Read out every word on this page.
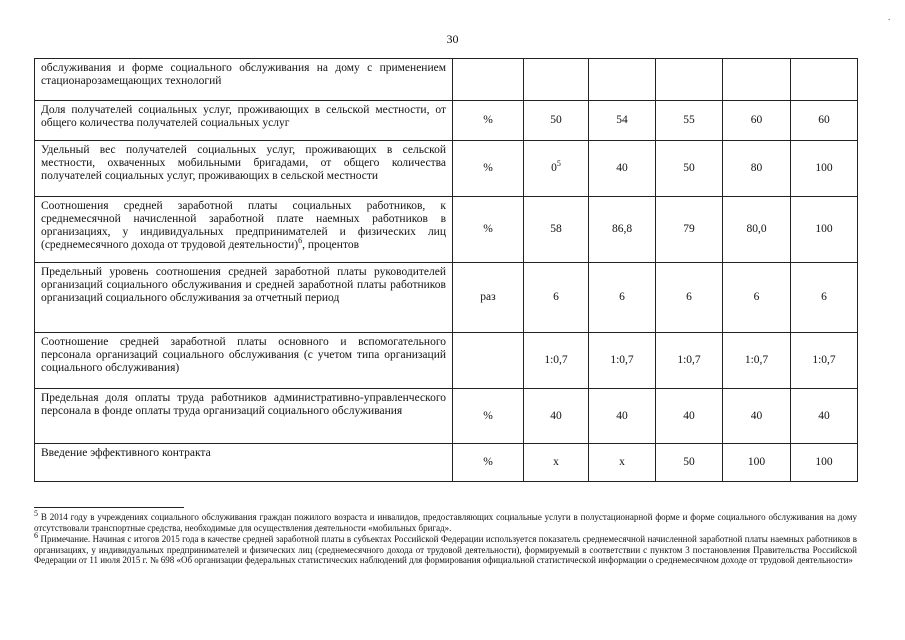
30
·
обслуживания и форме социального обслуживания на дому с применением стационарозамещающих технологий						
Доля получателей социальных услуг, проживающих в сельской местности, от общего количества получателей социальных услуг	%	50	54	55	60	60
Удельный вес получателей социальных услуг, проживающих в сельской местности, охваченных мобильными бригадами, от общего количества получателей социальных услуг, проживающих в сельской местности	%	$0^5$	40	50	80	100
Соотношения средней заработной платы социальных работников, к среднемесячной начисленной заработной плате наемных работников в организациях, у индивидуальных предпринимателей и физических лиц (среднемесячного дохода от трудовой деятельности)$^6$, процентов	%	58	86,8	79	80,0	100
Предельный уровень соотношения средней заработной платы руководителей организаций социального обслуживания и средней заработной платы работников организаций социального обслуживания за отчетный период	раз	6	6	6	6	6
Соотношение средней заработной платы основного и вспомогательного персонала организаций социального обслуживания (с учетом типа организаций социального обслуживания)		1:0,7	1:0,7	1:0,7	1:0,7	1:0,7
Предельная доля оплаты труда работников административно-управленческого персонала в фонде оплаты труда организаций социального обслуживания	%	40	40	40	40	40
Введение эффективного контракта	%	х	х	50	100	100

$^5$ В 2014 году в учреждениях социального обслуживания граждан пожилого возраста и инвалидов, предоставляющих социальные услуги в полустационарной форме и форме социального обслуживания на дому отсутствовали транспортные средства, необходимые для осуществления деятельности «мобильных бригад».

$^6$ Примечание. Начиная с итогов 2015 года в качестве средней заработной платы в субъектах Российской Федерации используется показатель среднемесячной начисленной заработной платы наемных работников в организациях, у индивидуальных предпринимателей и физических лиц (среднемесячного дохода от трудовой деятельности), формируемый в соответствии с пунктом 3 постановления Правительства Российской Федерации от 11 июля 2015 г. № 698 «Об организации федеральных статистических наблюдений для формирования официальной статистической информации о среднемесячном доходе от трудовой деятельности»
